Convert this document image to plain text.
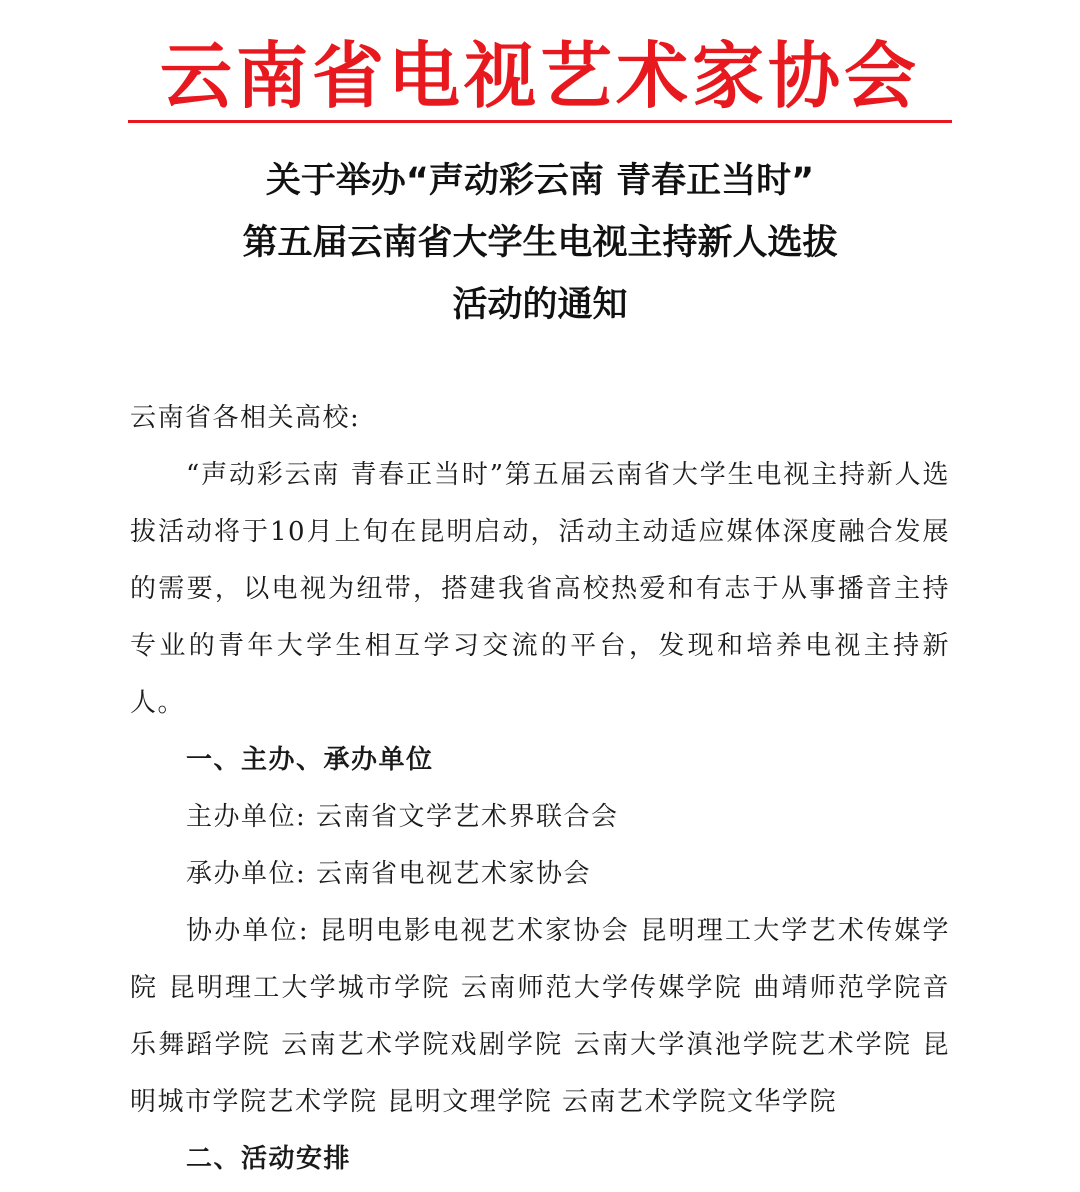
云南省电视艺术家协会
关于举办“声动彩云南 青春正当时”
第五届云南省大学生电视主持新人选拔
活动的通知

云南省各相关高校:

“声动彩云南 青春正当时”第五届云南省大学生电视主持新人选拔活动将于10月上旬在昆明启动，活动主动适应媒体深度融合发展的需要，以电视为纽带，搭建我省高校热爱和有志于从事播音主持专业的青年大学生相互学习交流的平台，发现和培养电视主持新人。

一、主办、承办单位

主办单位: 云南省文学艺术界联合会

承办单位: 云南省电视艺术家协会

协办单位: 昆明电影电视艺术家协会 昆明理工大学艺术传媒学院 昆明理工大学城市学院 云南师范大学传媒学院 曲靖师范学院音乐舞蹈学院 云南艺术学院戏剧学院 云南大学滇池学院艺术学院 昆明城市学院艺术学院 昆明文理学院 云南艺术学院文华学院

二、活动安排
